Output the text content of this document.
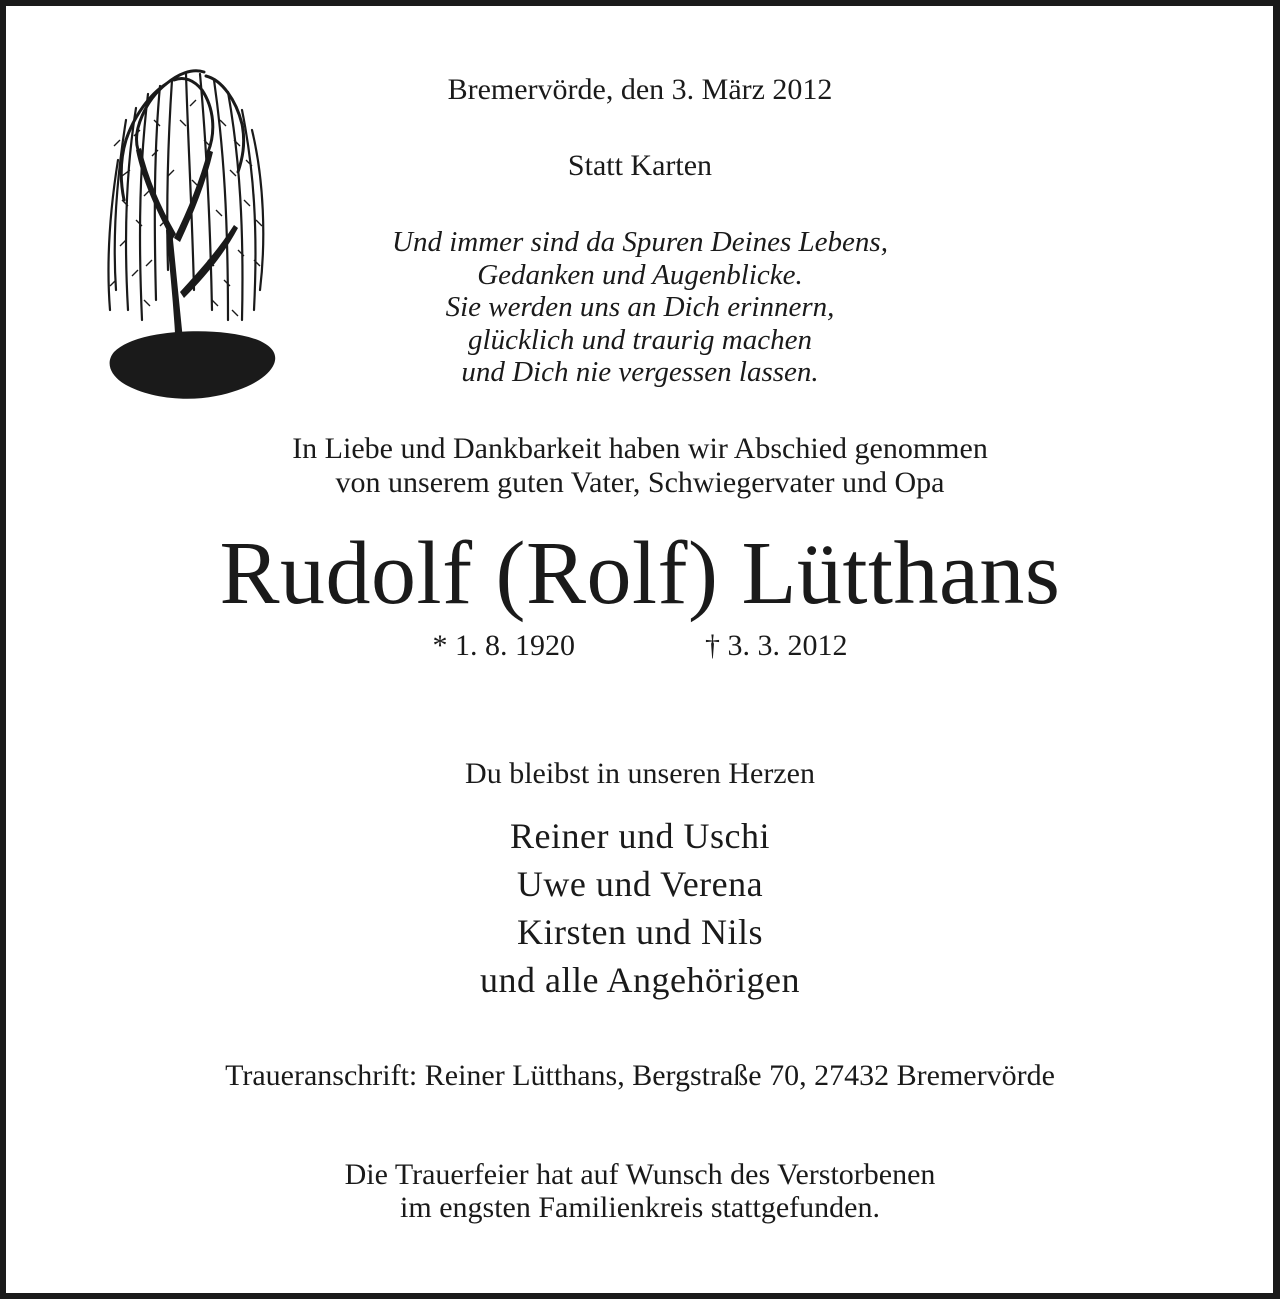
Bremervörde, den 3. März 2012
Statt Karten
Und immer sind da Spuren Deines Lebens,
Gedanken und Augenblicke.
Sie werden uns an Dich erinnern,
glücklich und traurig machen
und Dich nie vergessen lassen.
In Liebe und Dankbarkeit haben wir Abschied genommen
von unserem guten Vater, Schwiegervater und Opa
Rudolf (Rolf) Lütthans
* 1. 8. 1920	† 3. 3. 2012
Du bleibst in unseren Herzen
Reiner und Uschi
Uwe und Verena
Kirsten und Nils
und alle Angehörigen
Traueranschrift: Reiner Lütthans, Bergstraße 70, 27432 Bremervörde
Die Trauerfeier hat auf Wunsch des Verstorbenen
im engsten Familienkreis stattgefunden.
